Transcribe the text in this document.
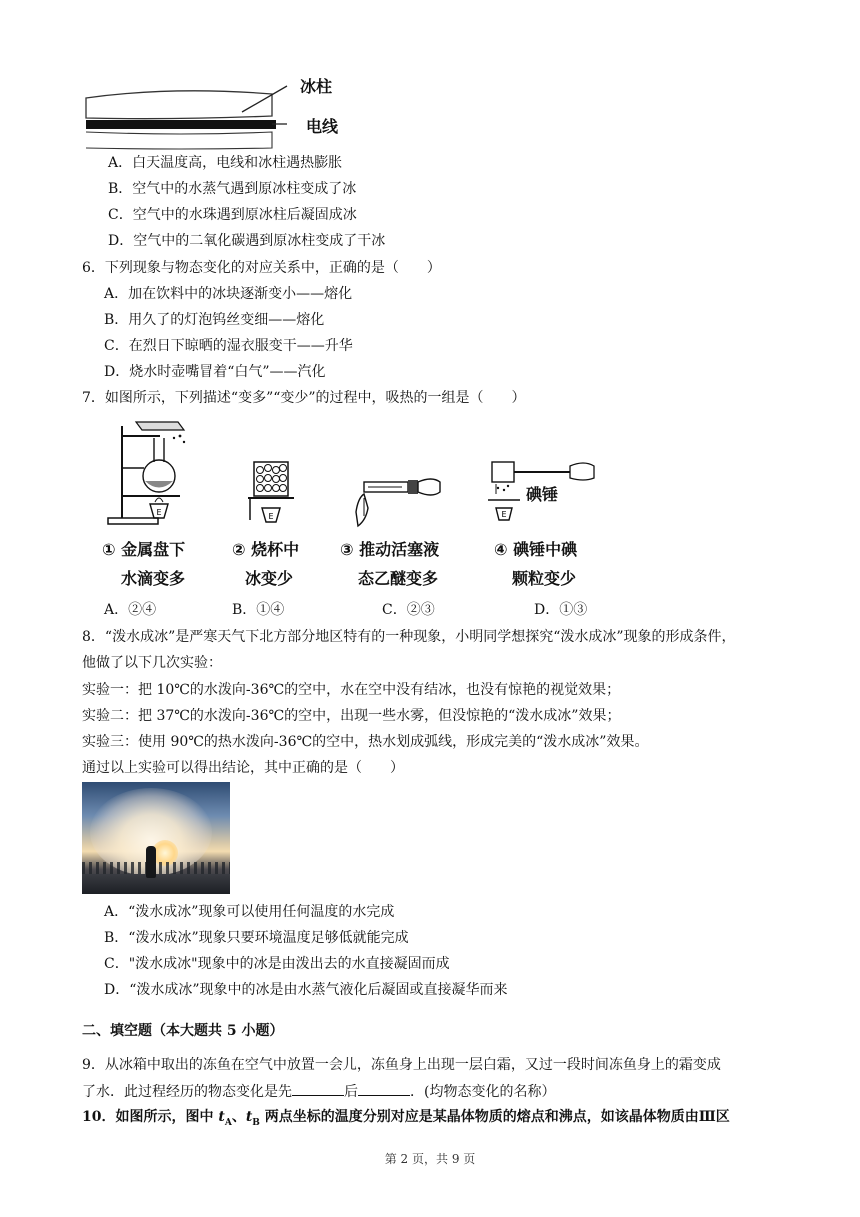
冰柱
电线
A．白天温度高，电线和冰柱遇热膨胀
B．空气中的水蒸气遇到原冰柱变成了冰
C．空气中的水珠遇到原冰柱后凝固成冰
D．空气中的二氧化碳遇到原冰柱变成了干冰
6．下列现象与物态变化的对应关系中，正确的是（　　）
A．加在饮料中的冰块逐渐变小——熔化
B．用久了的灯泡钨丝变细——熔化
C．在烈日下晾晒的湿衣服变干——升华
D．烧水时壶嘴冒着“白气”——汽化
7．如图所示，下列描述“变多”“变少”的过程中，吸热的一组是（　　）
E	E	E
碘锤
① 金属盘下
水滴变多
② 烧杯中
冰变少
③ 推动活塞液
态乙醚变多
④ 碘锤中碘
颗粒变少
A．②④	B．①④	C．②③	D．①③
8．“泼水成冰”是严寒天气下北方部分地区特有的一种现象，小明同学想探究“泼水成冰”现象的形成条件，
他做了以下几次实验：
实验一：把 10℃的水泼向-36℃的空中，水在空中没有结冰，也没有惊艳的视觉效果；
实验二：把 37℃的水泼向-36℃的空中，出现一些水雾，但没惊艳的“泼水成冰”效果；
实验三：使用 90℃的热水泼向-36℃的空中，热水划成弧线，形成完美的“泼水成冰”效果。
通过以上实验可以得出结论，其中正确的是（　　）
A．“泼水成冰”现象可以使用任何温度的水完成
B．“泼水成冰”现象只要环境温度足够低就能完成
C．"泼水成冰"现象中的冰是由泼出去的水直接凝固而成
D．“泼水成冰”现象中的冰是由水蒸气液化后凝固或直接凝华而来
二、填空题（本大题共 5 小题）
9．从冰箱中取出的冻鱼在空气中放置一会儿，冻鱼身上出现一层白霜，又过一段时间冻鱼身上的霜变成
了水．此过程经历的物态变化是先	后	．(均物态变化的名称）
10．如图所示，图中 $t_A$、$t_B$ 两点坐标的温度分别对应是某晶体物质的熔点和沸点，如该晶体物质由Ⅲ区
第 2 页，共 9 页
